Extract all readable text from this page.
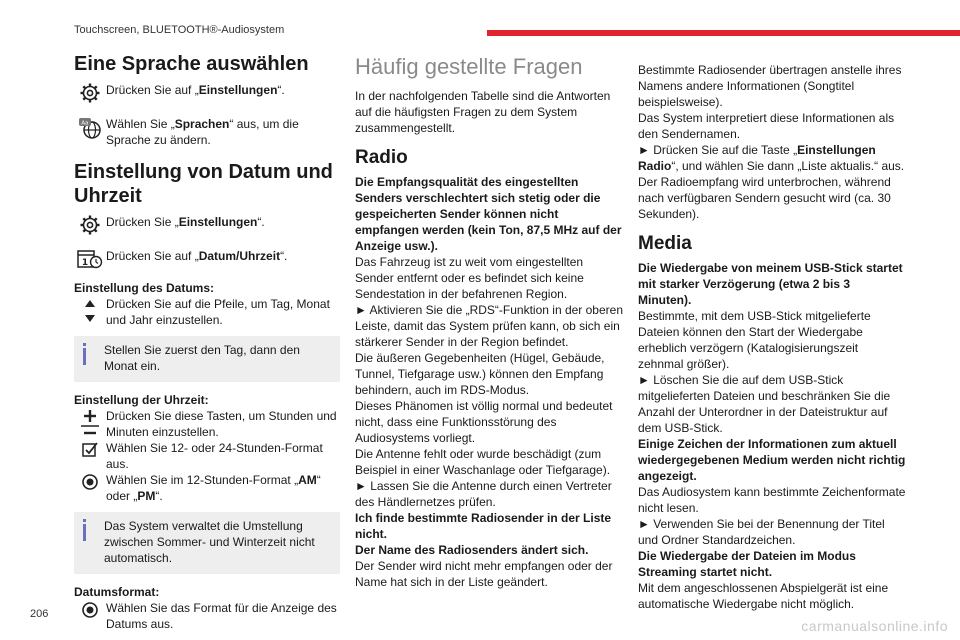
Touchscreen, BLUETOOTH®-Audiosystem
206
carmanualsonline.info
Eine Sprache auswählen
Drücken Sie auf „Einstellungen“.
Aa Wählen Sie „Sprachen“ aus, um die Sprache zu ändern.
Einstellung von Datum und Uhrzeit
Drücken Sie „Einstellungen“.
1 Drücken Sie auf „Datum/Uhrzeit“.

Einstellung des Datums:

Drücken Sie auf die Pfeile, um Tag, Monat und Jahr einzustellen.
Stellen Sie zuerst den Tag, dann den Monat ein.

Einstellung der Uhrzeit:

Drücken Sie diese Tasten, um Stunden und Minuten einzustellen.
Wählen Sie 12- oder 24-Stunden-Format aus.
Wählen Sie im 12-Stunden-Format „AM“ oder „PM“.
Das System verwaltet die Umstellung zwischen Sommer- und Winterzeit nicht automatisch.

Datumsformat:

Wählen Sie das Format für die Anzeige des Datums aus.
Häufig gestellte Fragen

In der nachfolgenden Tabelle sind die Antworten auf die häufigsten Fragen zu dem System zusammengestellt.

Radio

Die Empfangsqualität des eingestellten Senders verschlechtert sich stetig oder die gespeicherten Sender können nicht empfangen werden (kein Ton, 87,5 MHz auf der Anzeige usw.).

Das Fahrzeug ist zu weit vom eingestellten Sender entfernt oder es befindet sich keine Sendestation in der befahrenen Region.

► Aktivieren Sie die „RDS“-Funktion in der oberen Leiste, damit das System prüfen kann, ob sich ein stärkerer Sender in der Region befindet.

Die äußeren Gegebenheiten (Hügel, Gebäude, Tunnel, Tiefgarage usw.) können den Empfang behindern, auch im RDS-Modus.

Dieses Phänomen ist völlig normal und bedeutet nicht, dass eine Funktionsstörung des Audiosystems vorliegt.

Die Antenne fehlt oder wurde beschädigt (zum Beispiel in einer Waschanlage oder Tiefgarage).

► Lassen Sie die Antenne durch einen Vertreter des Händlernetzes prüfen.

Ich finde bestimmte Radiosender in der Liste nicht.

Der Name des Radiosenders ändert sich.

Der Sender wird nicht mehr empfangen oder der Name hat sich in der Liste geändert.

Bestimmte Radiosender übertragen anstelle ihres Namens andere Informationen (Songtitel beispielsweise).

Das System interpretiert diese Informationen als den Sendernamen.

► Drücken Sie auf die Taste „Einstellungen Radio“, und wählen Sie dann „Liste aktualis.“ aus.

Der Radioempfang wird unterbrochen, während nach verfügbaren Sendern gesucht wird (ca. 30 Sekunden).

Media

Die Wiedergabe von meinem USB-Stick startet mit starker Verzögerung (etwa 2 bis 3 Minuten).

Bestimmte, mit dem USB-Stick mitgelieferte Dateien können den Start der Wiedergabe erheblich verzögern (Katalogisierungszeit zehnmal größer).

► Löschen Sie die auf dem USB-Stick mitgelieferten Dateien und beschränken Sie die Anzahl der Unterordner in der Dateistruktur auf dem USB-Stick.

Einige Zeichen der Informationen zum aktuell wiedergegebenen Medium werden nicht richtig angezeigt.

Das Audiosystem kann bestimmte Zeichenformate nicht lesen.

► Verwenden Sie bei der Benennung der Titel und Ordner Standardzeichen.

Die Wiedergabe der Dateien im Modus Streaming startet nicht.

Mit dem angeschlossenen Abspielgerät ist eine automatische Wiedergabe nicht möglich.
